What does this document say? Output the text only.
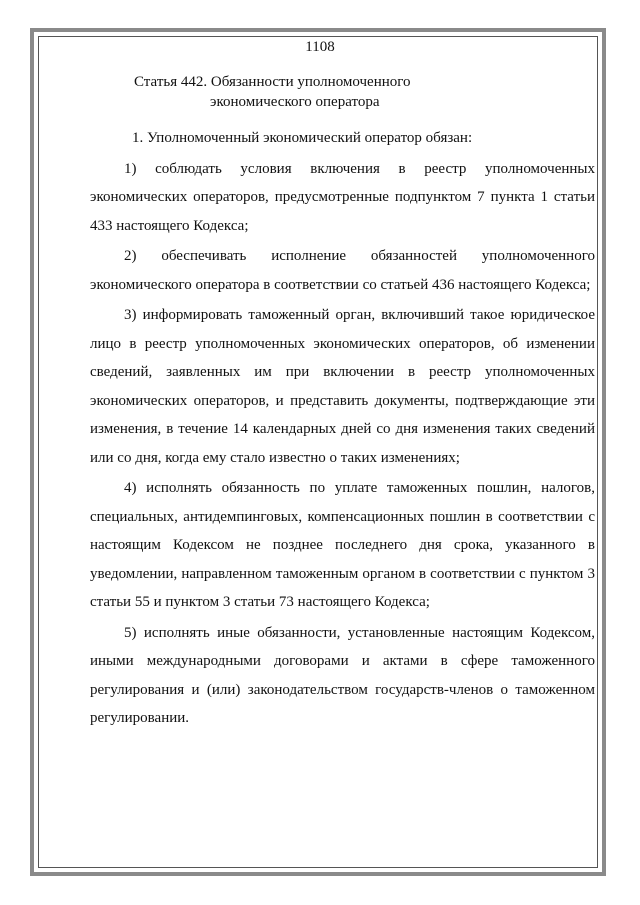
1108
Статья 442. Обязанности уполномоченного
экономического оператора

1. Уполномоченный экономический оператор обязан:

1) соблюдать условия включения в реестр уполномоченных экономических операторов, предусмотренные подпунктом 7 пункта 1 статьи 433 настоящего Кодекса;

2) обеспечивать исполнение обязанностей уполномоченного экономического оператора в соответствии со статьей 436 настоящего Кодекса;

3) информировать таможенный орган, включивший такое юридическое лицо в реестр уполномоченных экономических операторов, об изменении сведений, заявленных им при включении в реестр уполномоченных экономических операторов, и представить документы, подтверждающие эти изменения, в течение 14 календарных дней со дня изменения таких сведений или со дня, когда ему стало известно о таких изменениях;

4) исполнять обязанность по уплате таможенных пошлин, налогов, специальных, антидемпинговых, компенсационных пошлин в соответствии с настоящим Кодексом не позднее последнего дня срока, указанного в уведомлении, направленном таможенным органом в соответствии с пунктом 3 статьи 55 и пунктом 3 статьи 73 настоящего Кодекса;

5) исполнять иные обязанности, установленные настоящим Кодексом, иными международными договорами и актами в сфере таможенного регулирования и (или) законодательством государств-членов о таможенном регулировании.
